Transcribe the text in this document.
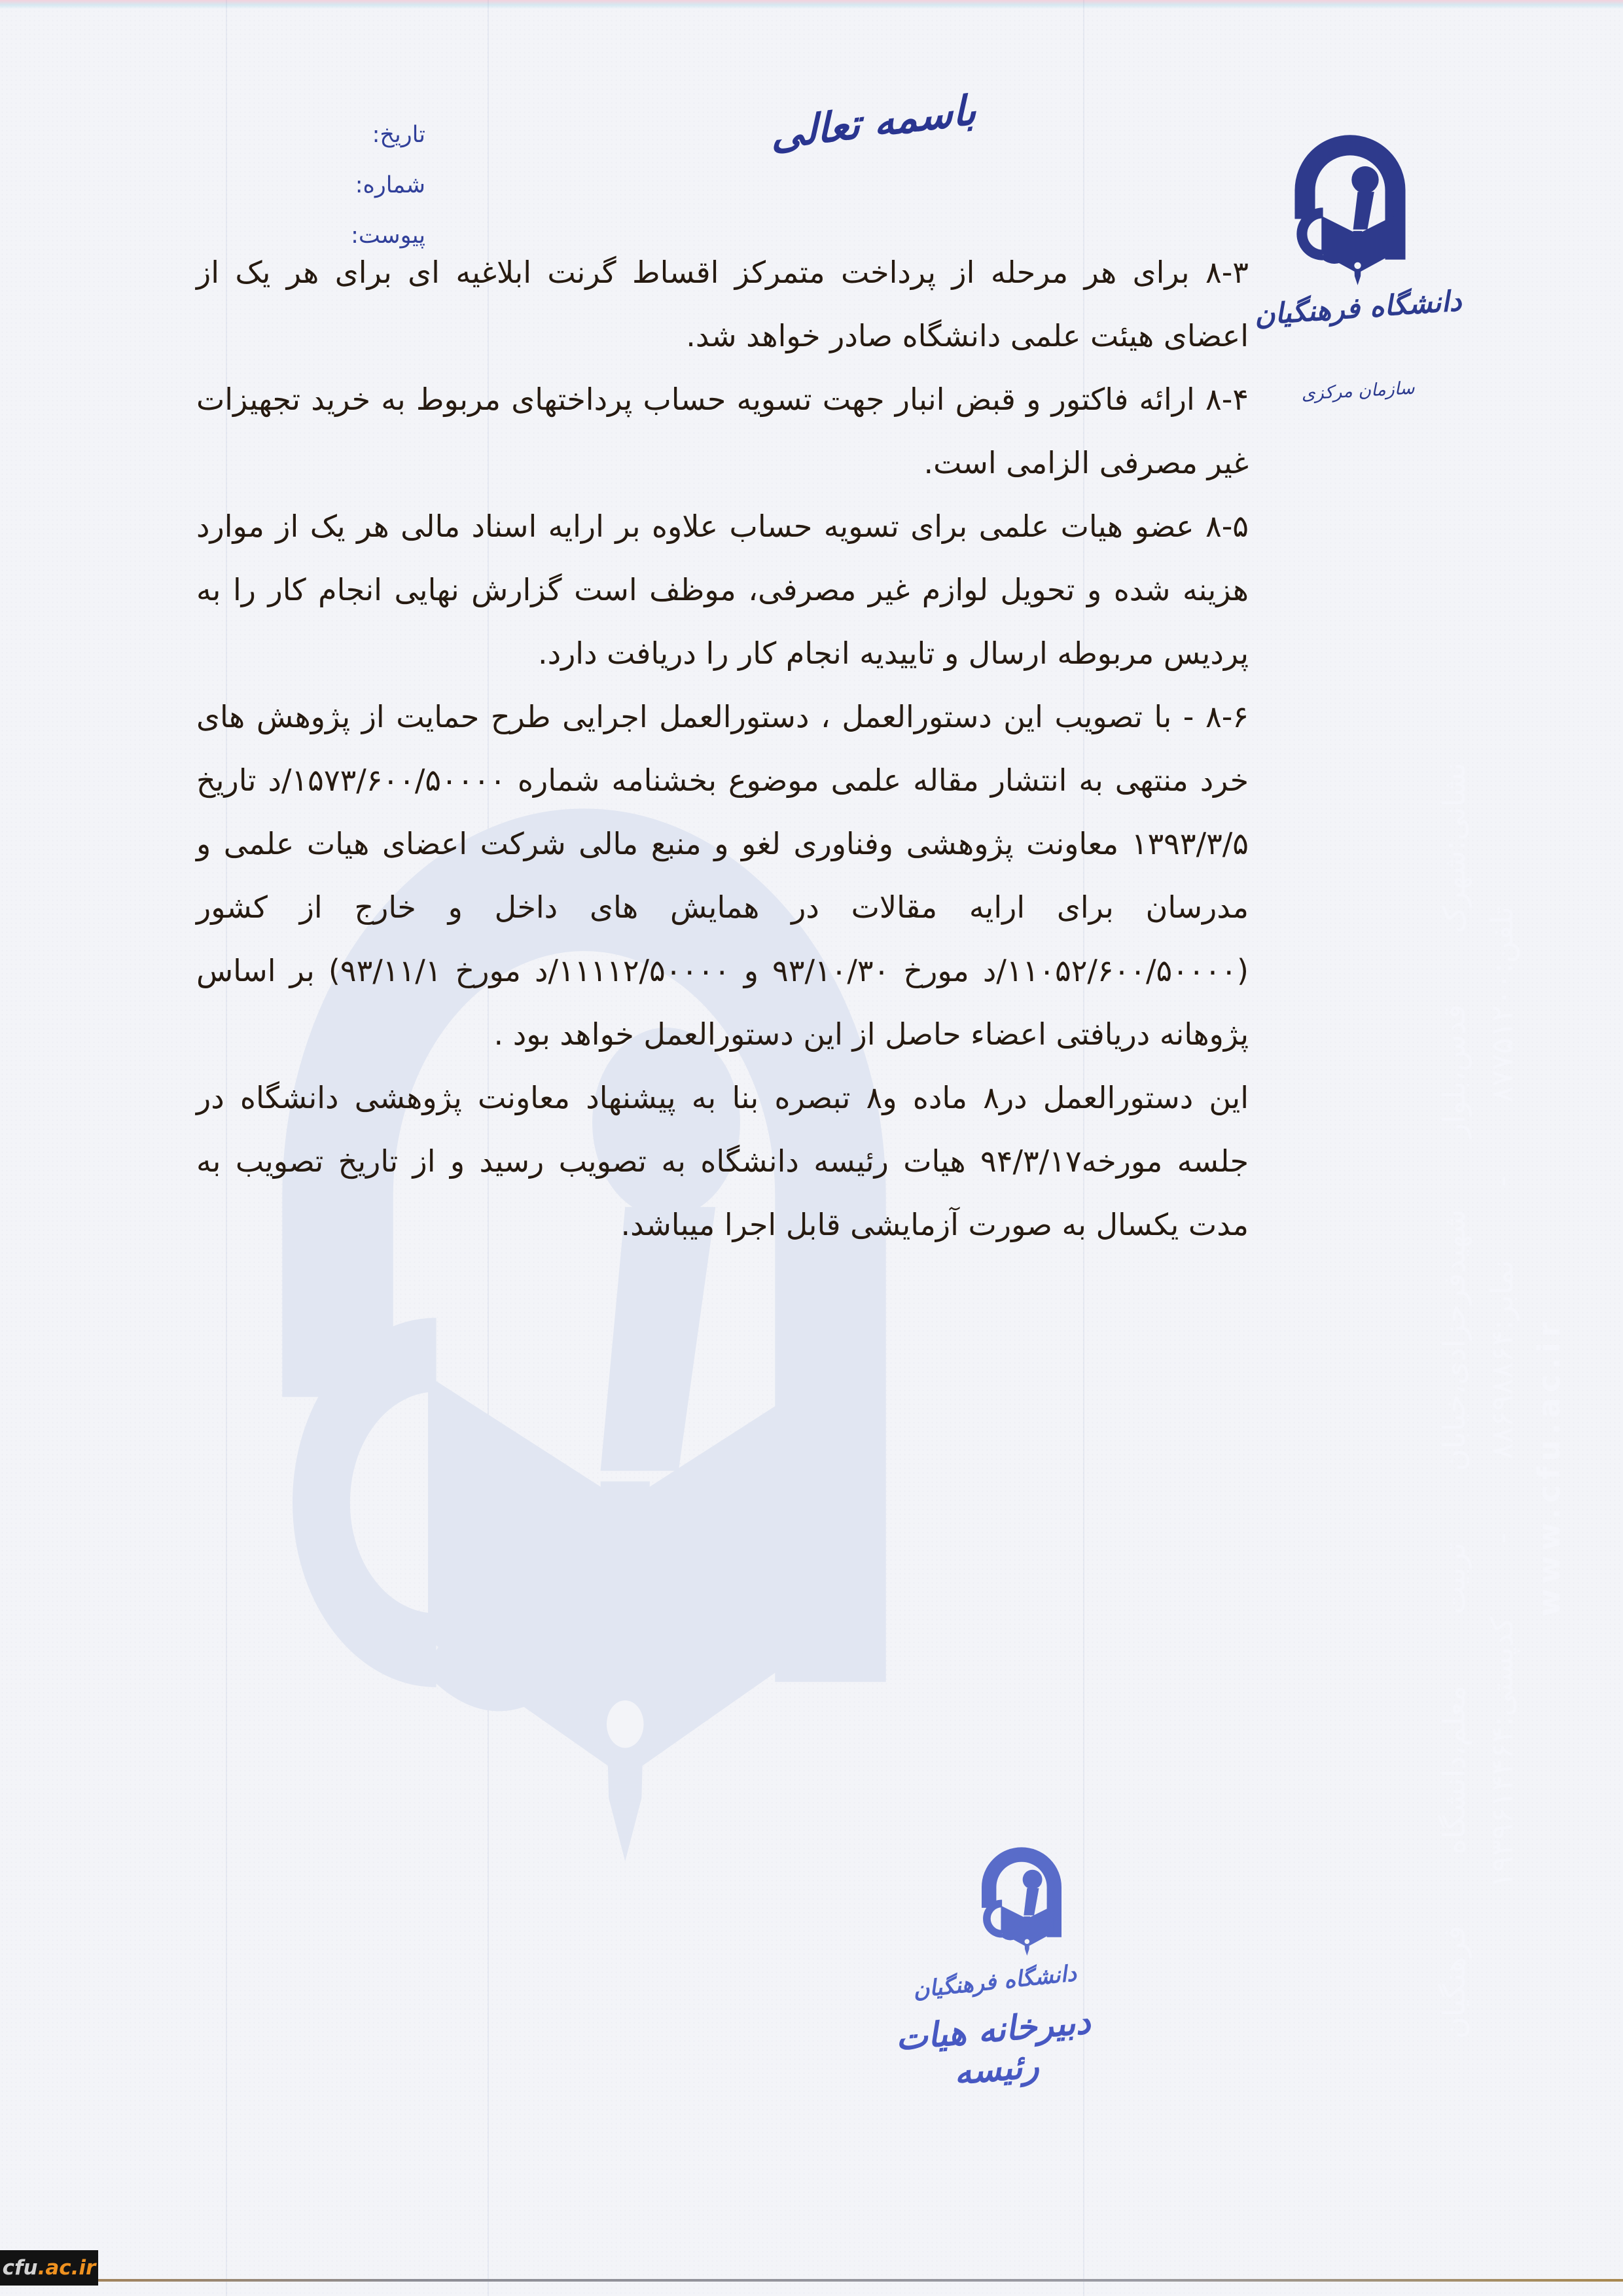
تاریخ:
شماره:
پیوست:
باسمه تعالی
دانشگاه فرهنگیان
سازمان مرکزی

۸-۳ برای هر مرحله از پرداخت متمرکز اقساط گرنت ابلاغیه ای برای هر یک از اعضای هیئت علمی دانشگاه صادر خواهد شد.

۸-۴ ارائه فاکتور و قبض انبار جهت تسویه حساب پرداختهای مربوط به خرید تجهیزات غیر مصرفی الزامی است.

۸-۵ عضو هیات علمی برای تسویه حساب علاوه بر ارایه اسناد مالی هر یک از موارد هزینه شده و تحویل لوازم غیر مصرفی، موظف است گزارش نهایی انجام کار را به پردیس مربوطه ارسال و تاییدیه انجام کار را دریافت دارد.

۸-۶ - با تصویب این دستورالعمل ، دستورالعمل اجرایی طرح حمایت از پژوهش های خرد منتهی به انتشار مقاله علمی موضوع بخشنامه شماره ۱۵۷۳/۶۰۰/۵۰۰۰۰/د تاریخ ۱۳۹۳/۳/۵ معاونت پژوهشی وفناوری لغو و منبع مالی شرکت اعضای هیات علمی و مدرسان برای ارایه مقالات در همایش های داخل و خارج از کشور (۱۱۰۵۲/۶۰۰/۵۰۰۰۰/د مورخ ۹۳/۱۰/۳۰ و ۱۱۱۱۲/۵۰۰۰۰/د مورخ ۹۳/۱۱/۱) بر اساس پژوهانه دریافتی اعضاء حاصل از این دستورالعمل خواهد بود .

این دستورالعمل در۸ ماده و۸ تبصره بنا به پیشنهاد معاونت پژوهشی دانشگاه در جلسه مورخه۹۴/۳/۱۷ هیات رئیسه دانشگاه به تصویب رسید و از تاریخ تصویب به مدت یکسال به صورت آزمایشی قابل اجرا میباشد.	نشانی:شهرک قدس،بلوار شهیدفرحزادی،خیابان تربیت معلم،دانشگاه فرهنگیان تلفن:۸۷۷۵۱۲۰۰ - نمابر:۸۸۶۹۸۸۶۴ - کدپستی:۱۹۳۹۶۱۴۴۶۴
www.cfu.ac.ir
دانشگاه فرهنگیان
دبیرخانه هیات رئیسه
cfu .ac.ir
